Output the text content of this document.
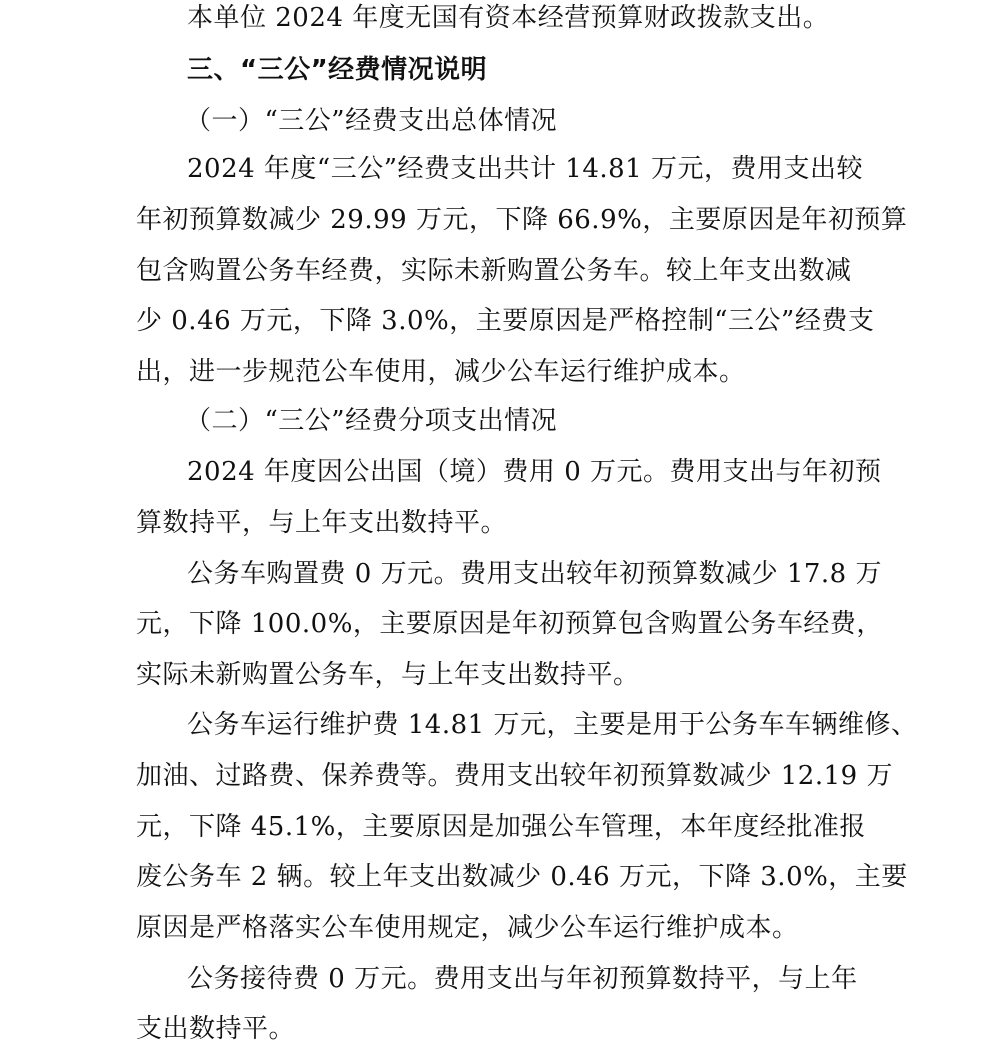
本单位 2024 年度无国有资本经营预算财政拨款支出。
三、“三公”经费情况说明
（一）“三公”经费支出总体情况
2024 年度“三公”经费支出共计 14.81 万元，费用支出较
年初预算数减少 29.99 万元，下降 66.9%，主要原因是年初预算
包含购置公务车经费，实际未新购置公务车。较上年支出数减
少 0.46 万元，下降 3.0%，主要原因是严格控制“三公”经费支
出，进一步规范公车使用，减少公车运行维护成本。
（二）“三公”经费分项支出情况
2024 年度因公出国（境）费用 0 万元。费用支出与年初预
算数持平，与上年支出数持平。
公务车购置费 0 万元。费用支出较年初预算数减少 17.8 万
元，下降 100.0%，主要原因是年初预算包含购置公务车经费，
实际未新购置公务车，与上年支出数持平。
公务车运行维护费 14.81 万元，主要是用于公务车车辆维修、
加油、过路费、保养费等。费用支出较年初预算数减少 12.19 万
元，下降 45.1%，主要原因是加强公车管理，本年度经批准报
废公务车 2 辆。较上年支出数减少 0.46 万元，下降 3.0%，主要
原因是严格落实公车使用规定，减少公车运行维护成本。
公务接待费 0 万元。费用支出与年初预算数持平，与上年
支出数持平。
